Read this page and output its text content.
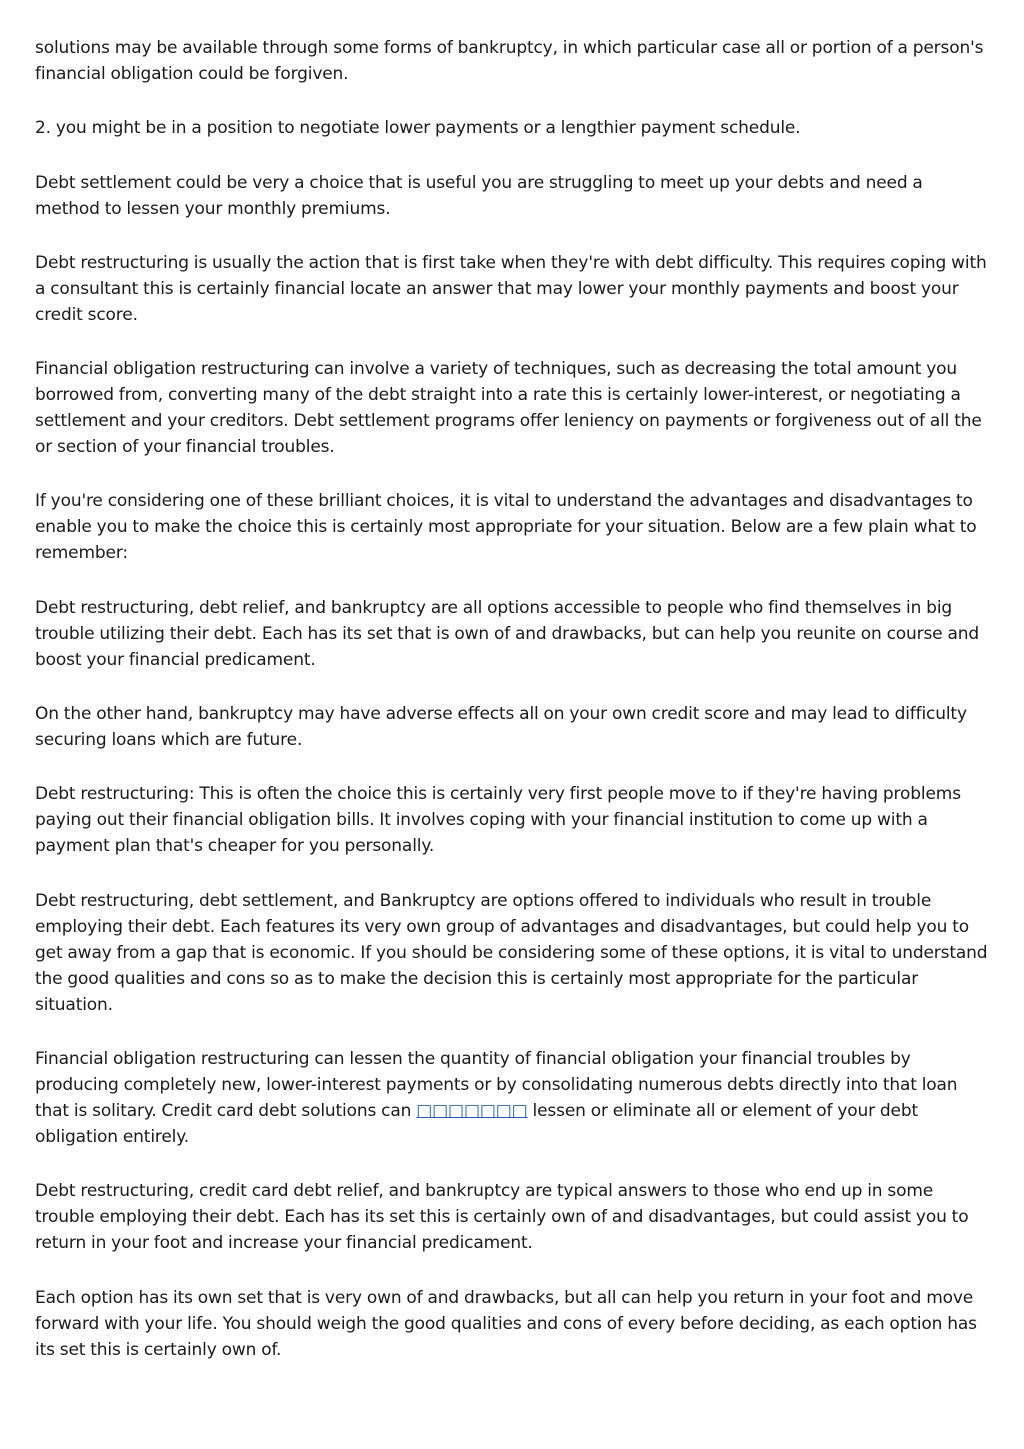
solutions may be available through some forms of bankruptcy, in which particular case all or portion of a person's financial obligation could be forgiven.

2. you might be in a position to negotiate lower payments or a lengthier payment schedule.

Debt settlement could be very a choice that is useful you are struggling to meet up your debts and need a method to lessen your monthly premiums.

Debt restructuring is usually the action that is first take when they're with debt difficulty. This requires coping with a consultant this is certainly financial locate an answer that may lower your monthly payments and boost your credit score.

Financial obligation restructuring can involve a variety of techniques, such as decreasing the total amount you borrowed from, converting many of the debt straight into a rate this is certainly lower-interest, or negotiating a settlement and your creditors. Debt settlement programs offer leniency on payments or forgiveness out of all the or section of your financial troubles.

If you're considering one of these brilliant choices, it is vital to understand the advantages and disadvantages to enable you to make the choice this is certainly most appropriate for your situation. Below are a few plain what to remember:

Debt restructuring, debt relief, and bankruptcy are all options accessible to people who find themselves in big trouble utilizing their debt. Each has its set that is own of and drawbacks, but can help you reunite on course and boost your financial predicament.

On the other hand, bankruptcy may have adverse effects all on your own credit score and may lead to difficulty securing loans which are future.

Debt restructuring: This is often the choice this is certainly very first people move to if they're having problems paying out their financial obligation bills. It involves coping with your financial institution to come up with a payment plan that's cheaper for you personally.

Debt restructuring, debt settlement, and Bankruptcy are options offered to individuals who result in trouble employing their debt. Each features its very own group of advantages and disadvantages, but could help you to get away from a gap that is economic. If you should be considering some of these options, it is vital to understand the good qualities and cons so as to make the decision this is certainly most appropriate for the particular situation.

Financial obligation restructuring can lessen the quantity of financial obligation your financial troubles by producing completely new, lower-interest payments or by consolidating numerous debts directly into that loan that is solitary. Credit card debt solutions can □□□□□□□ lessen or eliminate all or element of your debt obligation entirely.

Debt restructuring, credit card debt relief, and bankruptcy are typical answers to those who end up in some trouble employing their debt. Each has its set this is certainly own of and disadvantages, but could assist you to return in your foot and increase your financial predicament.

Each option has its own set that is very own of and drawbacks, but all can help you return in your foot and move forward with your life. You should weigh the good qualities and cons of every before deciding, as each option has its set this is certainly own of.
